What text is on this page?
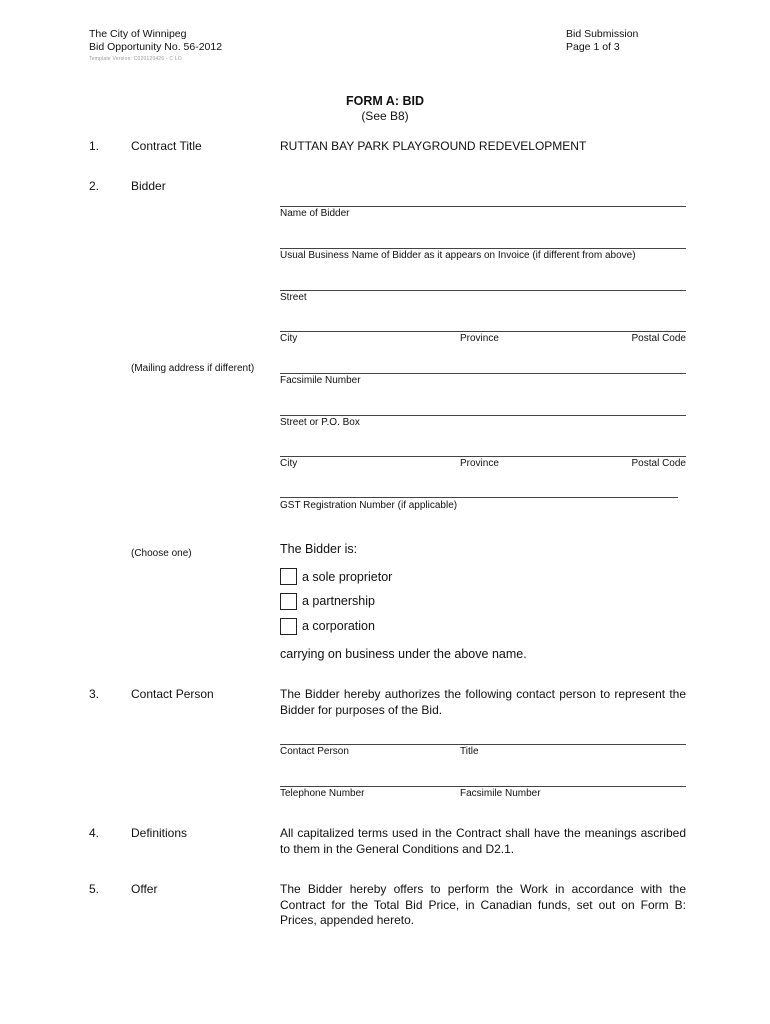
The City of Winnipeg
Bid Opportunity No. 56-2012
Template Version: C020120426 - C LO
Bid Submission
Page 1 of 3
FORM A: BID
(See B8)
1.	Contract Title	RUTTAN BAY PARK PLAYGROUND REDEVELOPMENT
2.	Bidder
Name of Bidder
Usual Business Name of Bidder as it appears on Invoice (if different from above)
Street
City	Province	Postal Code
(Mailing address if different)
Facsimile Number
Street or P.O. Box
City	Province	Postal Code
GST Registration Number (if applicable)
(Choose one)	The Bidder is:
a sole proprietor
a partnership
a corporation
carrying on business under the above name.
3.	Contact Person	The Bidder hereby authorizes the following contact person to represent the Bidder for purposes of the Bid.
Contact Person	Title
Telephone Number	Facsimile Number
4.	Definitions	All capitalized terms used in the Contract shall have the meanings ascribed to them in the General Conditions and D2.1.
5.	Offer	The Bidder hereby offers to perform the Work in accordance with the Contract for the Total Bid Price, in Canadian funds, set out on Form B: Prices, appended hereto.
